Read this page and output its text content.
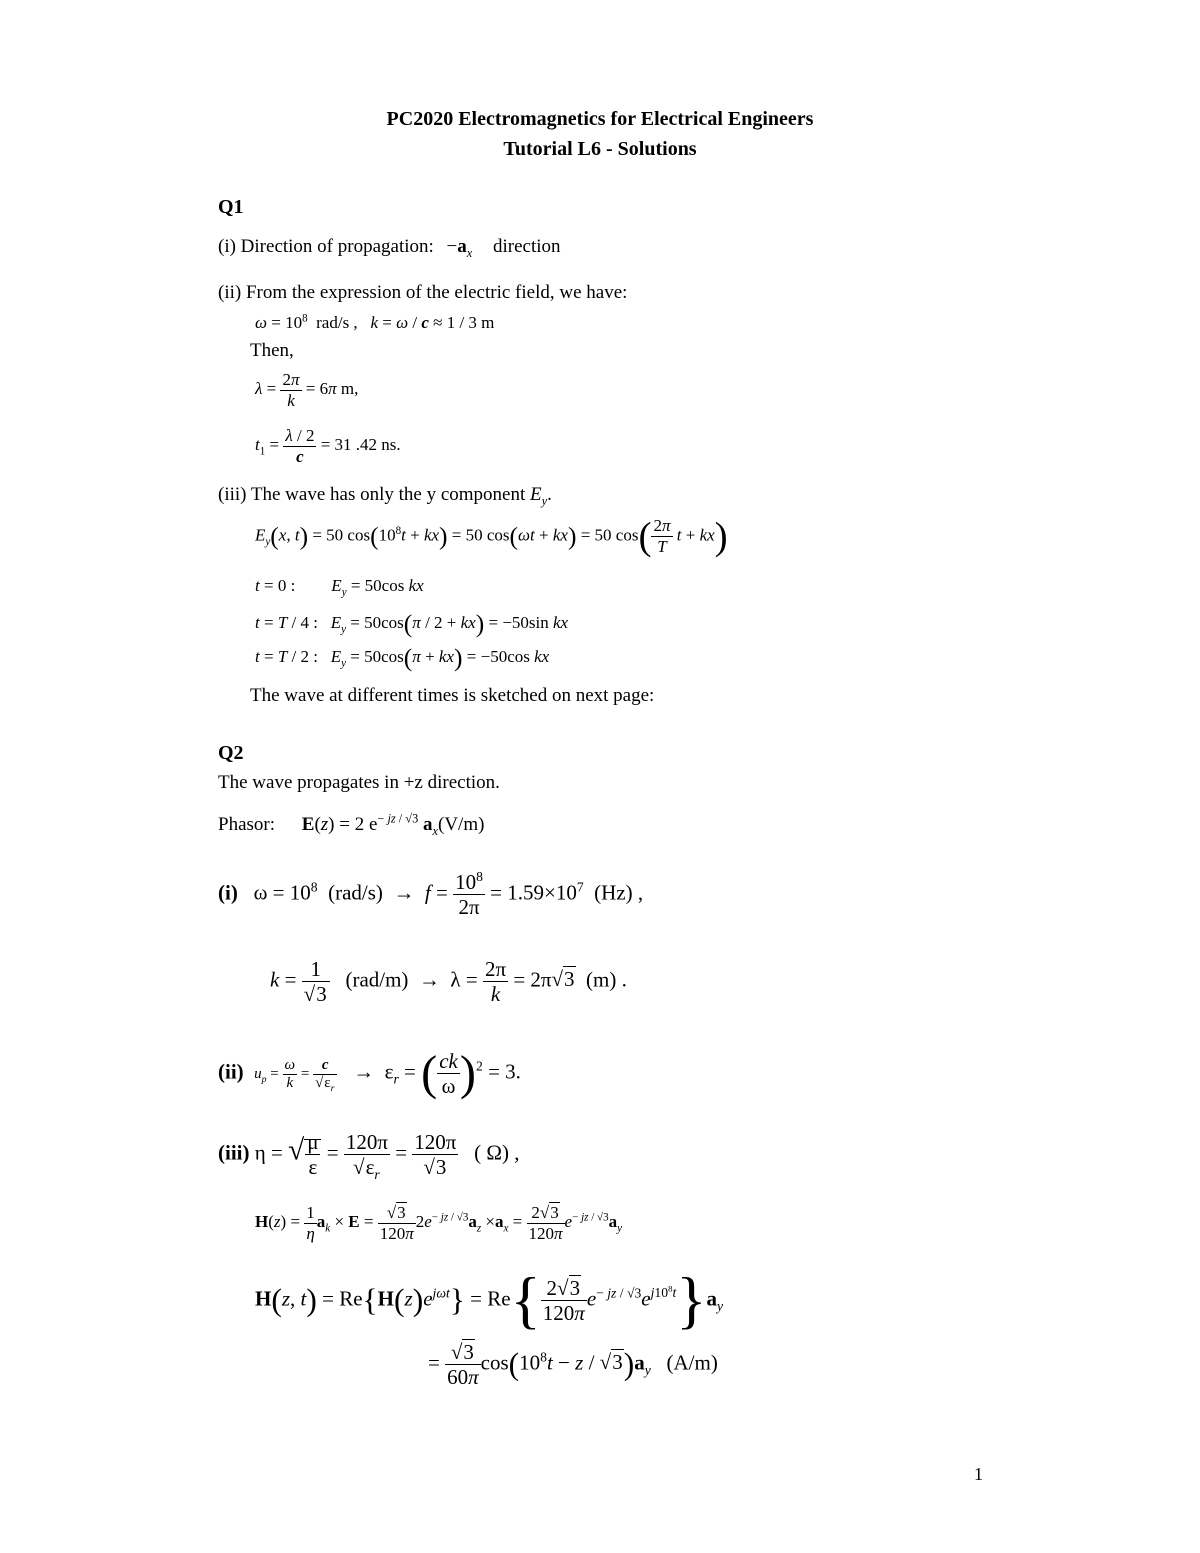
PC2020 Electromagnetics for Electrical Engineers
Tutorial L6 - Solutions
Q1
(i) Direction of propagation: $-a_x$ direction
(ii) From the expression of the electric field, we have:
$\omega = 10^8$  rad/s ,   k = ω / c ≈ 1 / 3 m
Then,
$\lambda = \frac{2\pi}{k} = 6\pi$ m,
$t_1 = \frac{\lambda / 2}{c} = 31$ .42 ns.
(iii) The wave has only the y component $E_y$.
$E_y(x$, t) = 50 $\cos(10^8t + kx) = 50$ cos(ωt + kx) = 50 $\cos( \frac{2\pi}{T}$ t + kx)
t = 0 : $E_y = 50\cos$ kx
t = T / 4 :   $E_y = 50\cos(\pi / 2 + kx) = -50\sin$ kx
t = T / 2 :   $E_y = 50\cos(\pi + kx) = -50\cos$ kx
The wave at different times is sketched on next page:
Q2
The wave propagates in +z direction.
Phasor: E(z) = 2 $e^{- jz / √3}$ $a_x(V/m)$
(i)   $\omega = 10^8$  $(rad/s) \to f = \frac{10^8}{2\pi} = 1.59\times 10^7$  (Hz) ,
$k = \frac{1}{√3} (rad/m) \to \lambda = \frac{2\pi}{k} = 2\pi√3$  (m) .
(ii) $u_p = \frac{\omega}{k} = \frac{c}{√\varepsilon_r} \to \varepsilon_r$ = ( $\frac{ck}{\omega} )^2 = 3$.
(iii) η = √ $\frac{\mu}{\varepsilon} = \frac{120\pi}{√\varepsilon_r} = \frac{120\pi}{√3}$ ( Ω) ,
$H(z) = \frac{1}{\eta} a_k \times E = \frac{√3}{120\pi} 2e^{- jz / √3}a_z \times a_x = \frac{2√3}{120\pi} e^{- jz / √3}a_y$
H(z, $t) = Re\{H(z)e^{j\omega t}\} = Re\{ \frac{2√3}{120\pi} e^{- jz / √3}e^{j10^8t}\}a_y$
= $\frac{√3}{60\pi} \cos(10^8t - z / √3)a_y$   (A/m)
1
